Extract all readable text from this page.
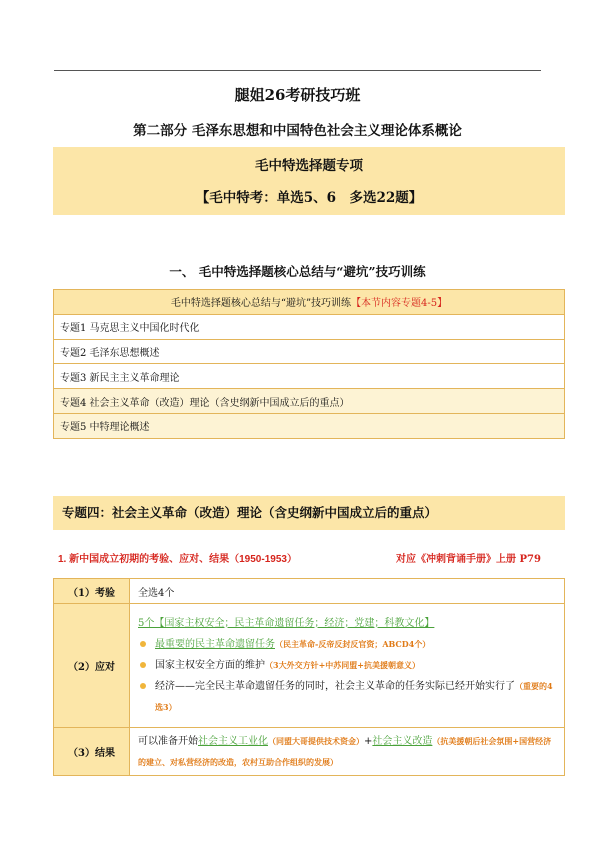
腿姐26考研技巧班
第二部分 毛泽东思想和中国特色社会主义理论体系概论
毛中特选择题专项
【毛中特考：单选5、6　多选22题】
一、 毛中特选择题核心总结与“避坑”技巧训练
毛中特选择题核心总结与“避坑”技巧训练【本节内容专题4-5】
专题1 马克思主义中国化时代化
专题2 毛泽东思想概述
专题3 新民主主义革命理论
专题4 社会主义革命（改造）理论（含史纲新中国成立后的重点）
专题5 中特理论概述
专题四：社会主义革命（改造）理论（含史纲新中国成立后的重点）
1. 新中国成立初期的考验、应对、结果（1950-1953）	对应《冲刺背诵手册》上册 P79
（1）考验	全选4个
（2）应对	5个【国家主权安全；民主革命遗留任务；经济；党建；科教文化】
最重要的民主革命遗留任务（民主革命-反帝反封反官资；ABCD4个）
国家主权安全方面的维护（3大外交方针+中苏同盟+抗美援朝意义）
经济——完全民主革命遗留任务的同时，社会主义革命的任务实际已经开始实行了（重要的4选3）

（3）结果	可以准备开始社会主义工业化（同盟大哥提供技术资金）+社会主义改造（抗美援朝后社会氛围+国营经济的建立、对私营经济的改造，农村互助合作组织的发展）
